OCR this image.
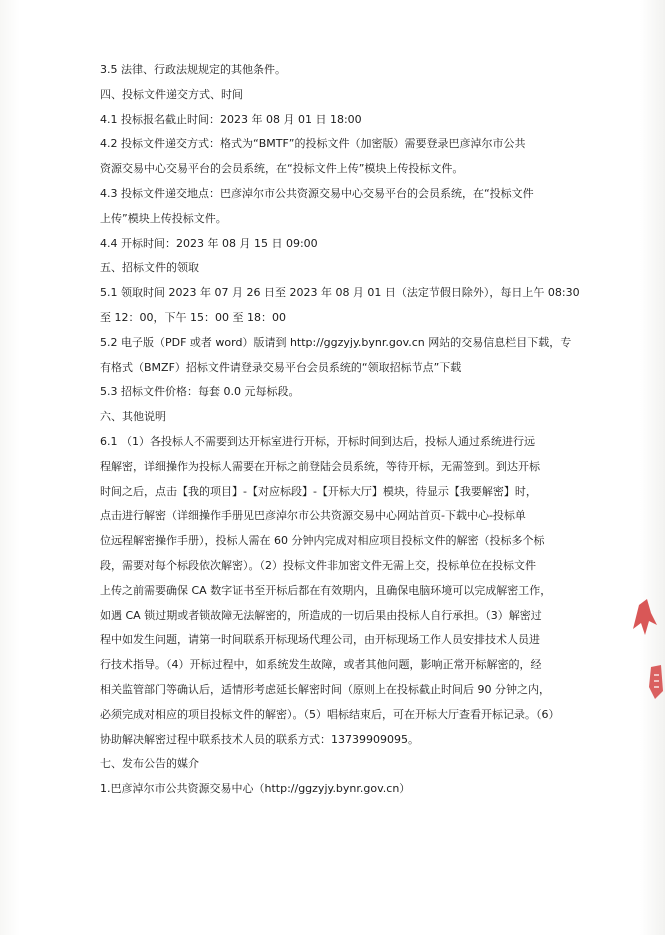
3.5 法律、行政法规规定的其他条件。

四、投标文件递交方式、时间

4.1 投标报名截止时间：2023 年 08 月 01 日 18:00

4.2 投标文件递交方式：格式为“BMTF”的投标文件（加密版）需要登录巴彦淖尔市公共

资源交易中心交易平台的会员系统，在“投标文件上传”模块上传投标文件。

4.3 投标文件递交地点：巴彦淖尔市公共资源交易中心交易平台的会员系统，在“投标文件

上传”模块上传投标文件。

4.4 开标时间：2023 年 08 月 15 日 09:00

五、招标文件的领取

5.1 领取时间 2023 年 07 月 26 日至 2023 年 08 月 01 日（法定节假日除外），每日上午 08:30

至 12：00，下午 15：00 至 18：00

5.2 电子版（PDF 或者 word）版请到 http://ggzyjy.bynr.gov.cn 网站的交易信息栏目下载，专

有格式（BMZF）招标文件请登录交易平台会员系统的“领取招标节点”下载

5.3 招标文件价格：每套 0.0 元每标段。

六、其他说明

6.1 （1）各投标人不需要到达开标室进行开标，开标时间到达后，投标人通过系统进行远

程解密，详细操作为投标人需要在开标之前登陆会员系统，等待开标，无需签到。到达开标

时间之后，点击【我的项目】-【对应标段】-【开标大厅】模块，待显示【我要解密】时，

点击进行解密（详细操作手册见巴彦淖尔市公共资源交易中心网站首页-下载中心-投标单

位远程解密操作手册），投标人需在 60 分钟内完成对相应项目投标文件的解密（投标多个标

段，需要对每个标段依次解密）。（2）投标文件非加密文件无需上交，投标单位在投标文件

上传之前需要确保 CA 数字证书至开标后都在有效期内，且确保电脑环境可以完成解密工作，

如遇 CA 锁过期或者锁故障无法解密的，所造成的一切后果由投标人自行承担。（3）解密过

程中如发生问题，请第一时间联系开标现场代理公司，由开标现场工作人员安排技术人员进

行技术指导。（4）开标过程中，如系统发生故障，或者其他问题，影响正常开标解密的，经

相关监管部门等确认后，适情形考虑延长解密时间（原则上在投标截止时间后 90 分钟之内，

必须完成对相应的项目投标文件的解密）。（5）唱标结束后，可在开标大厅查看开标记录。（6）

协助解决解密过程中联系技术人员的联系方式：13739909095。

七、发布公告的媒介

1.巴彦淖尔市公共资源交易中心（http://ggzyjy.bynr.gov.cn）
